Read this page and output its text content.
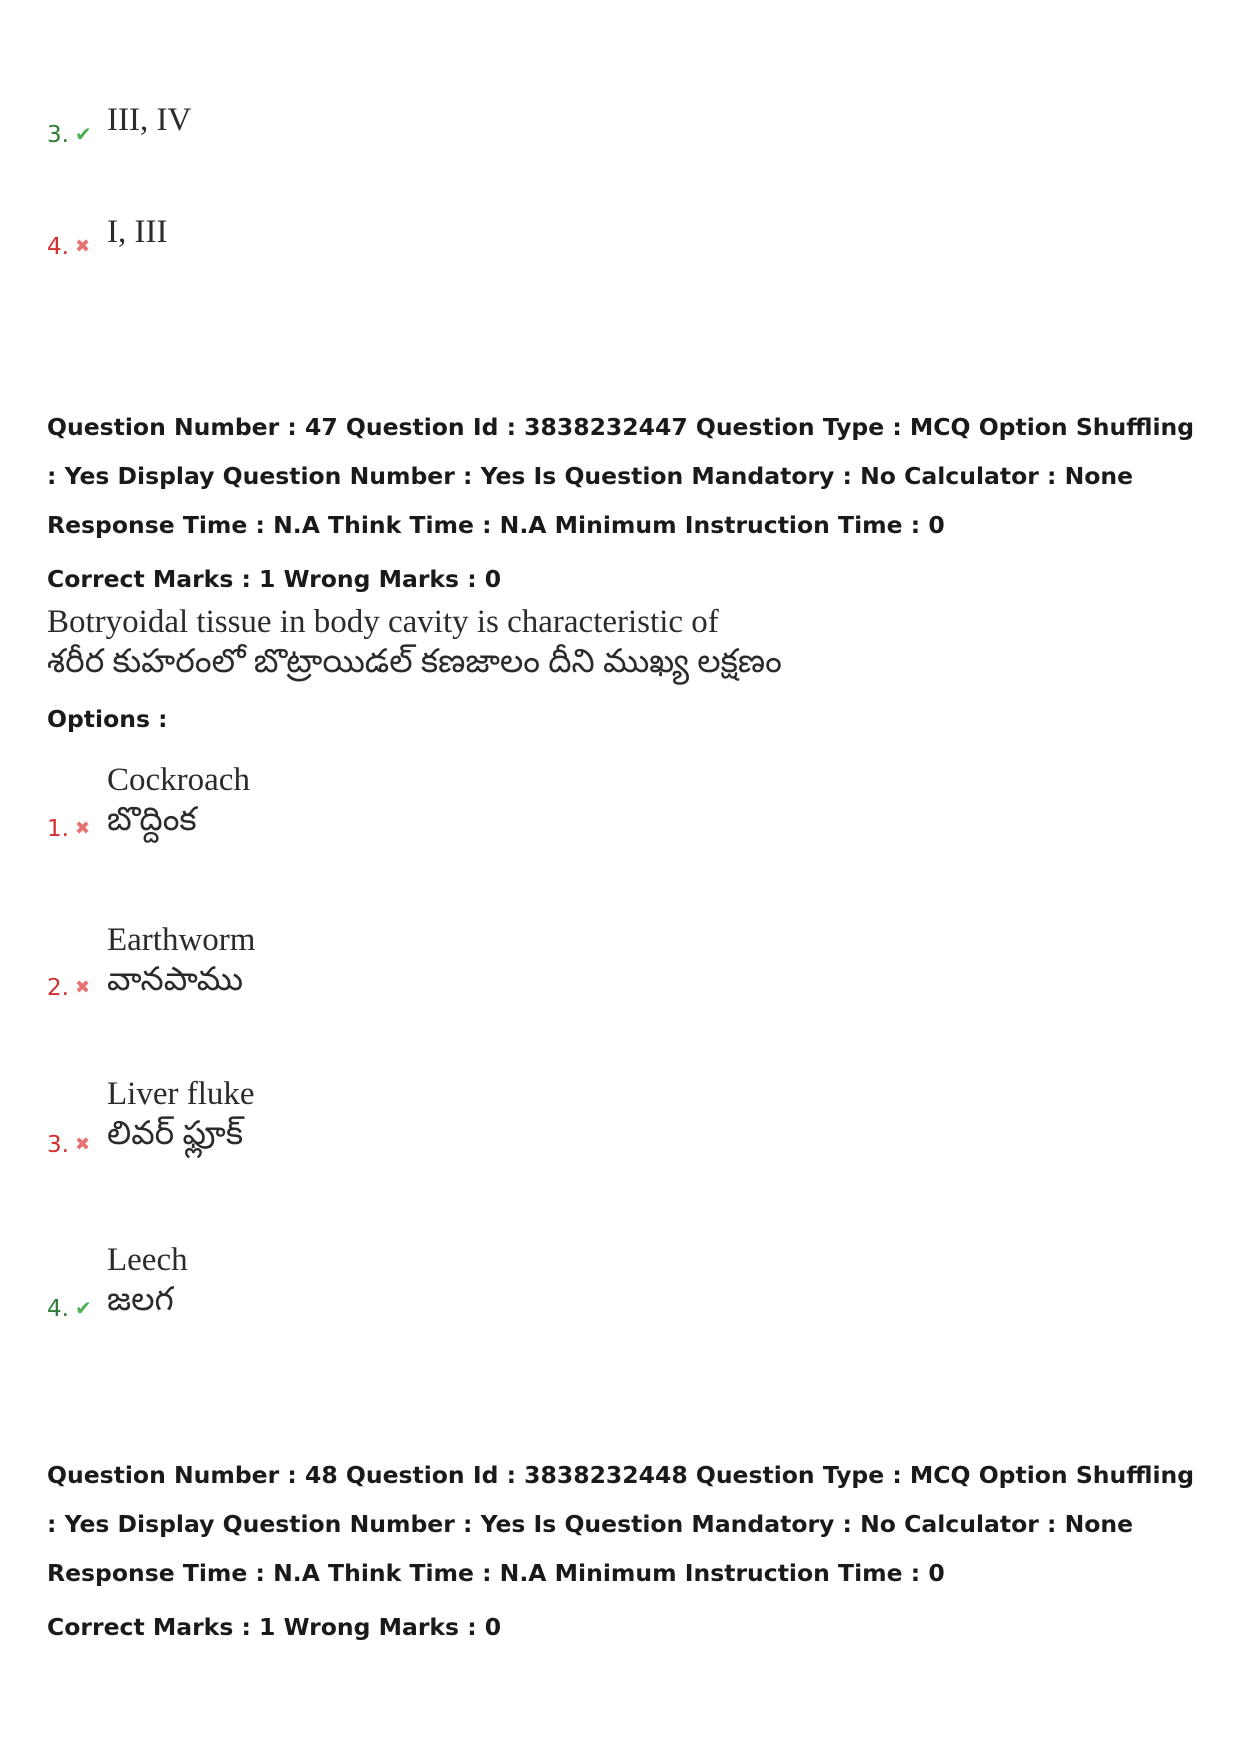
3. ✔ III, IV
4. ✖ I, III
Question Number : 47 Question Id : 3838232447 Question Type : MCQ Option Shuffling : Yes Display Question Number : Yes Is Question Mandatory : No Calculator : None Response Time : N.A Think Time : N.A Minimum Instruction Time : 0
Correct Marks : 1 Wrong Marks : 0
Botryoidal tissue in body cavity is characteristic of
శరీర కుహరంలో బొట్రాయిడల్ కణజాలం దీని ముఖ్య లక్షణం
Options :
1. ✖
Cockroach
బొద్దింక
2. ✖
Earthworm
వానపాము
3. ✖
Liver fluke
లివర్ ఫ్లూక్
4. ✔
Leech
జలగ
Question Number : 48 Question Id : 3838232448 Question Type : MCQ Option Shuffling : Yes Display Question Number : Yes Is Question Mandatory : No Calculator : None Response Time : N.A Think Time : N.A Minimum Instruction Time : 0
Correct Marks : 1 Wrong Marks : 0
